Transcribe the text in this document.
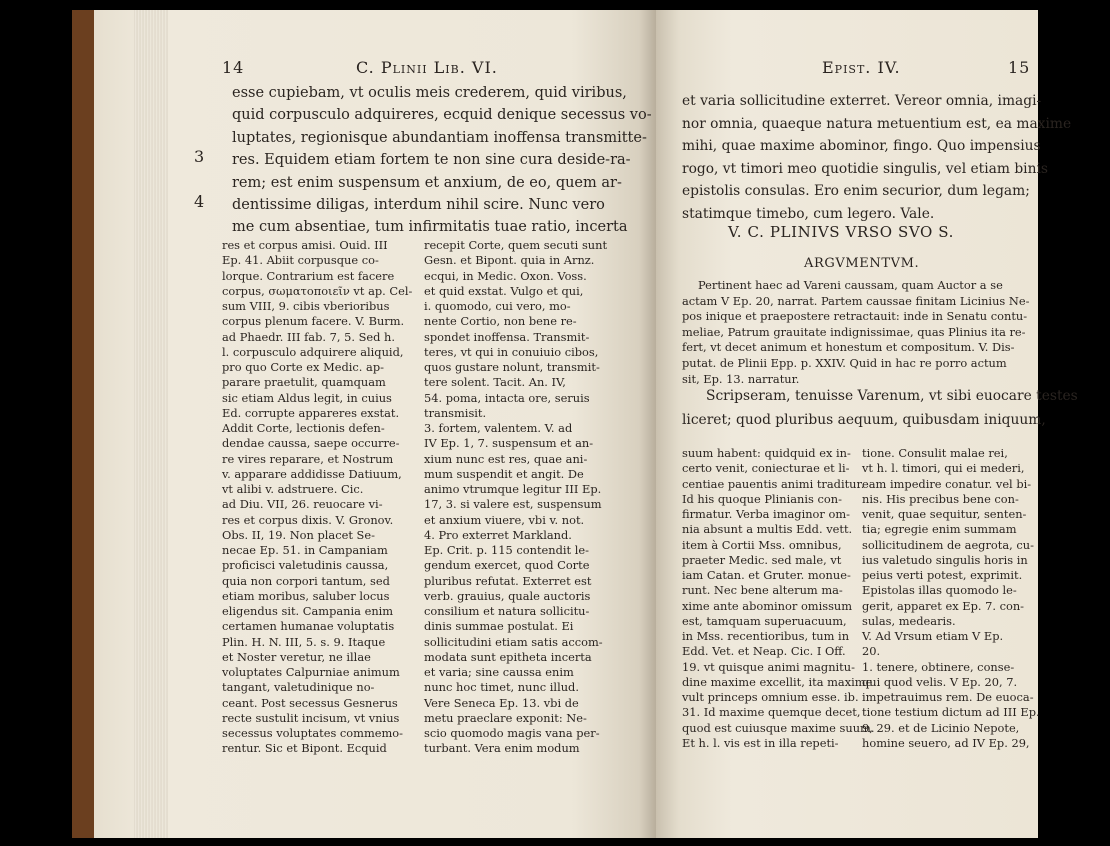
14	C. Plinii Lib. VI.
esse cupiebam, vt oculis meis crederem, quid viribus,
quid corpusculo adquireres, ecquid denique secessus vo-
luptates, regionisque abundantiam inoffensa transmitte-
res. Equidem etiam fortem te non sine cura deside-ra-
rem; est enim suspensum et anxium, de eo, quem ar-
dentissime diligas, interdum nihil scire. Nunc vero
me cum absentiae, tum infirmitatis tuae ratio, incerta
3
4
res et corpus amisi. Ouid. III
Ep. 41. Abiit corpusque co-
lorque. Contrarium est facere
corpus, σωματοποιεῖν vt ap. Cel-
sum VIII, 9. cibis vberioribus
corpus plenum facere. V. Burm.
ad Phaedr. III fab. 7, 5. Sed h.
l. corpusculo adquirere aliquid,
pro quo Corte ex Medic. ap-
parare praetulit, quamquam
sic etiam Aldus legit, in cuius
Ed. corrupte appareres exstat.
Addit Corte, lectionis defen-
dendae caussa, saepe occurre-
re vires reparare, et Nostrum
v. apparare addidisse Datiuum,
vt alibi v. adstruere. Cic.
ad Diu. VII, 26. reuocare vi-
res et corpus dixis. V. Gronov.
Obs. II, 19. Non placet Se-
necae Ep. 51. in Campaniam
proficisci valetudinis caussa,
quia non corpori tantum, sed
etiam moribus, saluber locus
eligendus sit. Campania enim
certamen humanae voluptatis
Plin. H. N. III, 5. s. 9. Itaque
et Noster veretur, ne illae
voluptates Calpurniae animum
tangant, valetudinique no-
ceant. Post secessus Gesnerus
recte sustulit incisum, vt vnius
secessus voluptates commemo-
rentur. Sic et Bipont. Ecquid
recepit Corte, quem secuti sunt
Gesn. et Bipont. quia in Arnz.
ecqui, in Medic. Oxon. Voss.
et quid exstat. Vulgo et qui,
i. quomodo, cui vero, mo-
nente Cortio, non bene re-
spondet inoffensa. Transmit-
teres, vt qui in conuiuio cibos,
quos gustare nolunt, transmit-
tere solent. Tacit. An. IV,
54. poma, intacta ore, seruis
transmisit.
3. fortem, valentem. V. ad
IV Ep. 1, 7. suspensum et an-
xium nunc est res, quae ani-
mum suspendit et angit. De
animo vtrumque legitur III Ep.
17, 3. si valere est, suspensum
et anxium viuere, vbi v. not.
4. Pro exterret Markland.
Ep. Crit. p. 115 contendit le-
gendum exercet, quod Corte
pluribus refutat. Exterret est
verb. grauius, quale auctoris
consilium et natura sollicitu-
dinis summae postulat. Ei
sollicitudini etiam satis accom-
modata sunt epitheta incerta
et varia; sine caussa enim
nunc hoc timet, nunc illud.
Vere Seneca Ep. 13. vbi de
metu praeclare exponit: Ne-
scio quomodo magis vana per-
turbant. Vera enim modum
Epist. IV.	15
et varia sollicitudine exterret. Vereor omnia, imagi-
nor omnia, quaeque natura metuentium est, ea maxime
mihi, quae maxime abominor, fingo. Quo impensius
rogo, vt timori meo quotidie singulis, vel etiam binis
epistolis consulas. Ero enim securior, dum legam;
statimque timebo, cum legero. Vale.
V. C. PLINIVS VRSO SVO S.
ARGVMENTVM.
Pertinent haec ad Vareni caussam, quam Auctor a se
actam V Ep. 20, narrat. Partem caussae finitam Licinius Ne-
pos inique et praepostere retractauit: inde in Senatu contu-
meliae, Patrum grauitate indignissimae, quas Plinius ita re-
fert, vt decet animum et honestum et compositum. V. Dis-
putat. de Plinii Epp. p. XXIV. Quid in hac re porro actum
sit, Ep. 13. narratur.
Scripseram, tenuisse Varenum, vt sibi euocare testes
liceret; quod pluribus aequum, quibusdam iniquum,
suum habent: quidquid ex in-
certo venit, coniecturae et li-
centiae pauentis animi traditur.
Id his quoque Plinianis con-
firmatur. Verba imaginor om-
nia absunt a multis Edd. vett.
item à Cortii Mss. omnibus,
praeter Medic. sed male, vt
iam Catan. et Gruter. monue-
runt. Nec bene alterum ma-
xime ante abominor omissum
est, tamquam superuacuum,
in Mss. recentioribus, tum in
Edd. Vet. et Neap. Cic. I Off.
19. vt quisque animi magnitu-
dine maxime excellit, ita maxime
vult princeps omnium esse. ib.
31. Id maxime quemque decet,
quod est cuiusque maxime suum.
Et h. l. vis est in illa repeti-
tione. Consulit malae rei,
vt h. l. timori, qui ei mederi,
eam impedire conatur. vel bi-
nis. His precibus bene con-
venit, quae sequitur, senten-
tia; egregie enim summam
sollicitudinem de aegrota, cu-
ius valetudo singulis horis in
peius verti potest, exprimit.
Epistolas illas quomodo le-
gerit, apparet ex Ep. 7. con-
sulas, medearis.
V. Ad Vrsum etiam V Ep.
20.
1. tenere, obtinere, conse-
qui quod velis. V Ep. 20, 7.
impetrauimus rem. De euoca-
tione testium dictum ad III Ep.
9, 29. et de Licinio Nepote,
homine seuero, ad IV Ep. 29,
